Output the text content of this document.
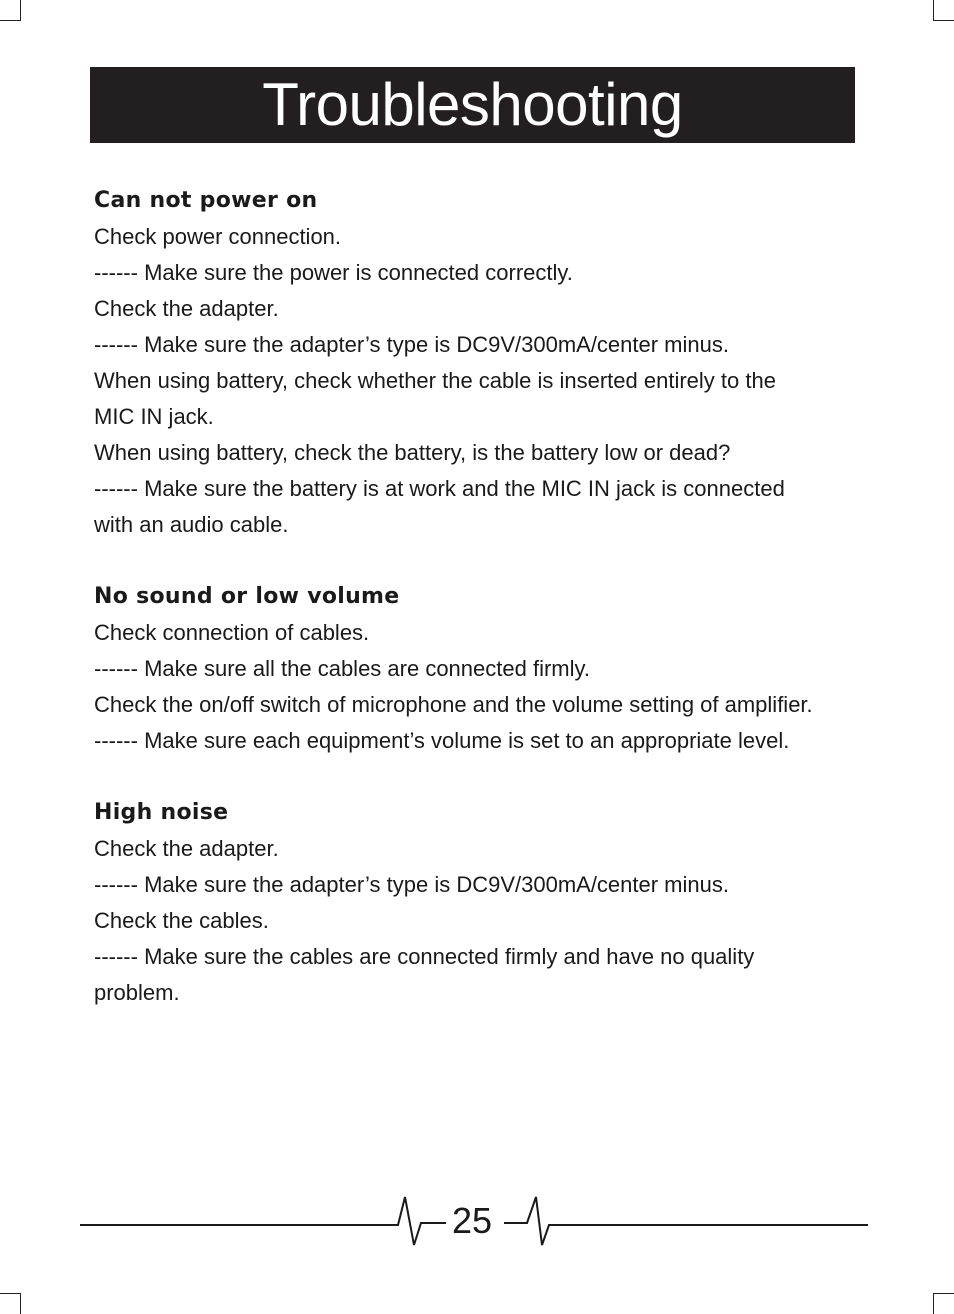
Troubleshooting
Can not power on
Check power connection.
------ Make sure the power is connected correctly.
Check the adapter.
------ Make sure the adapter’s type is DC9V/300mA/center minus.
When using battery, check whether the cable is inserted entirely to the
MIC IN jack.
When using battery, check the battery, is the battery low or dead?
------ Make sure the battery is at work and the MIC IN jack is connected
with an audio cable.
No sound or low volume
Check connection of cables.
------ Make sure all the cables are connected firmly.
Check the on/off switch of microphone and the volume setting of amplifier.
------ Make sure each equipment’s volume is set to an appropriate level.
High noise
Check the adapter.
------ Make sure the adapter’s type is DC9V/300mA/center minus.
Check the cables.
------ Make sure the cables are connected firmly and have no quality
problem.
25
